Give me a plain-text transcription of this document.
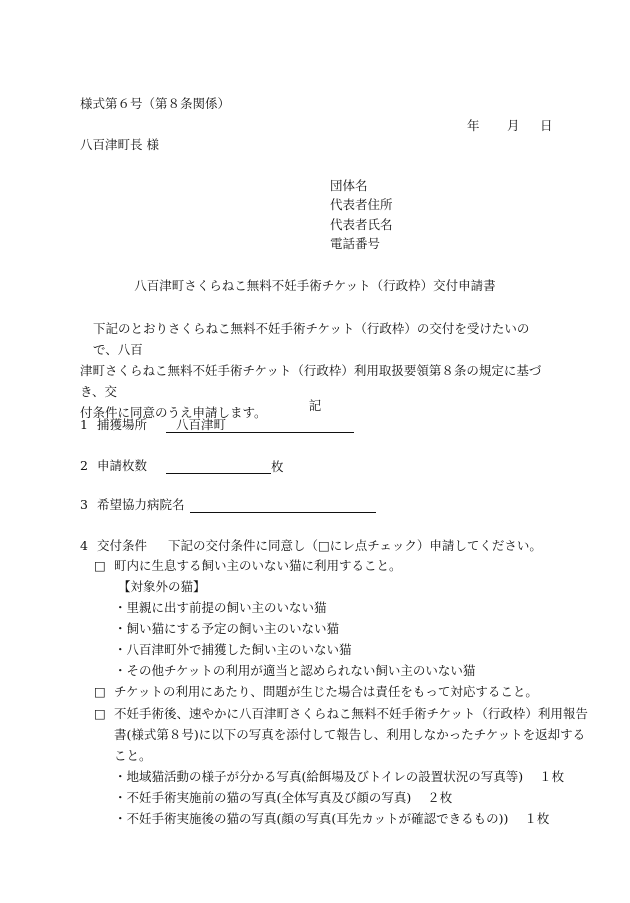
様式第６号（第８条関係）
年 月 日
八百津町長 様
団体名
代表者住所
代表者氏名
電話番号
八百津町さくらねこ無料不妊手術チケット（行政枠）交付申請書
下記のとおりさくらねこ無料不妊手術チケット（行政枠）の交付を受けたいので、八百
津町さくらねこ無料不妊手術チケット（行政枠）利用取扱要領第８条の規定に基づき、交
付条件に同意のうえ申請します。	記
1 捕獲場所	八百津町
2 申請枚数	枚
3 希望協力病院名
4 交付条件 下記の交付条件に同意し（□にレ点チェック）申請してください。
□ 町内に生息する飼い主のいない猫に利用すること。
【対象外の猫】
・里親に出す前提の飼い主のいない猫
・飼い猫にする予定の飼い主のいない猫
・八百津町外で捕獲した飼い主のいない猫
・その他チケットの利用が適当と認められない飼い主のいない猫
□ チケットの利用にあたり、問題が生じた場合は責任をもって対応すること。
□ 不妊手術後、速やかに八百津町さくらねこ無料不妊手術チケット（行政枠）利用報告
書(様式第８号)に以下の写真を添付して報告し、利用しなかったチケットを返却する
こと。
・地域猫活動の様子が分かる写真(給餌場及びトイレの設置状況の写真等) １枚
・不妊手術実施前の猫の写真(全体写真及び顔の写真) ２枚
・不妊手術実施後の猫の写真(顔の写真(耳先カットが確認できるもの)) １枚
